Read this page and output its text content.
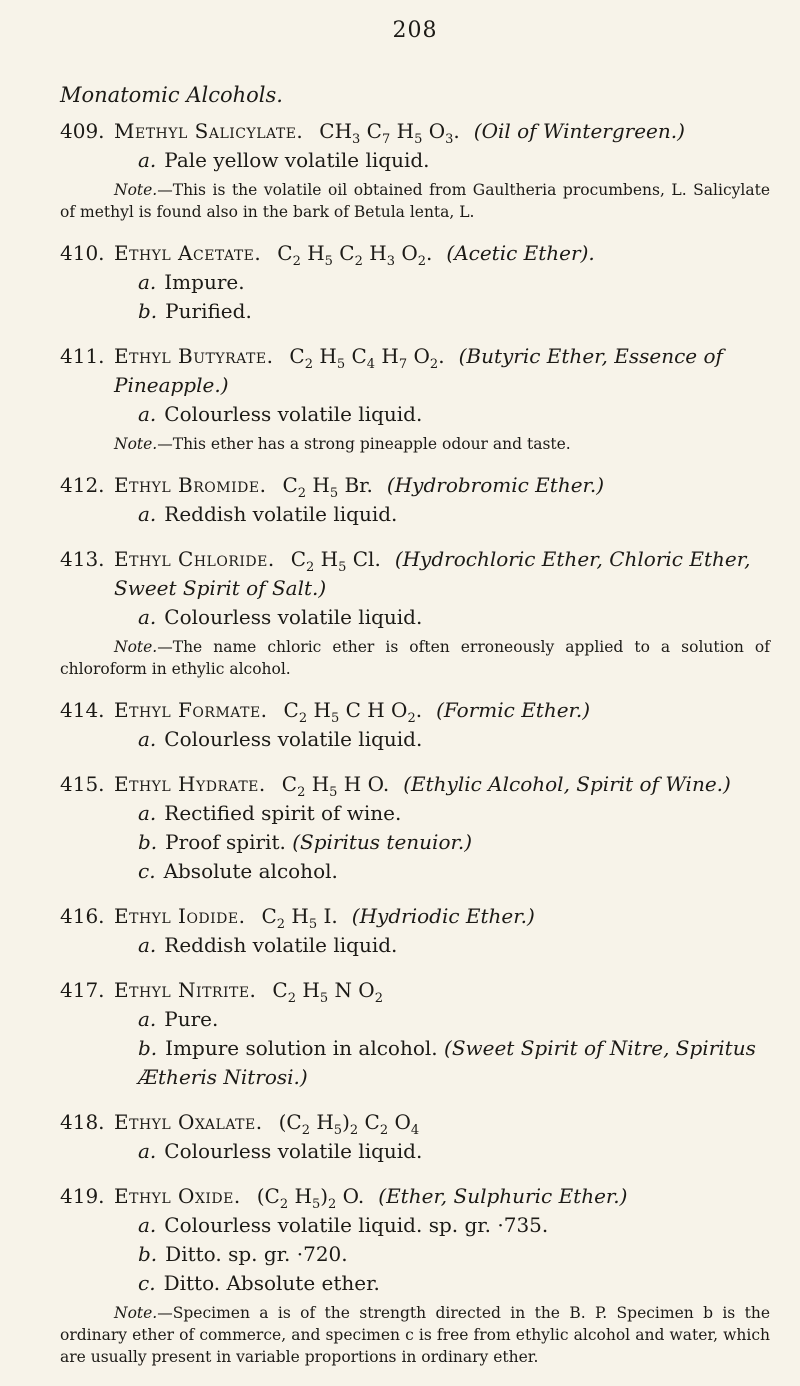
208
Monatomic Alcohols.
409. Methyl Salicylate. $CH_3$ $C_7$ $H_5$ $O_3$. (Oil of Wintergreen.)
a. Pale yellow volatile liquid.
Note.—This is the volatile oil obtained from Gaultheria procumbens, L. Salicylate of methyl is found also in the bark of Betula lenta, L.
410. Ethyl Acetate. $C_2$ $H_5$ $C_2$ $H_3$ $O_2$. (Acetic Ether).
a. Impure.
b. Purified.
411. Ethyl Butyrate. $C_2$ $H_5$ $C_4$ $H_7$ $O_2$. (Butyric Ether, Essence of Pineapple.)
a. Colourless volatile liquid.
Note.—This ether has a strong pineapple odour and taste.
412. Ethyl Bromide. $C_2$ $H_5$ Br. (Hydrobromic Ether.)
a. Reddish volatile liquid.
413. Ethyl Chloride. $C_2$ $H_5$ Cl. (Hydrochloric Ether, Chloric Ether, Sweet Spirit of Salt.)
a. Colourless volatile liquid.
Note.—The name chloric ether is often erroneously applied to a solution of chloroform in ethylic alcohol.
414. Ethyl Formate. $C_2$ $H_5$ C H $O_2$. (Formic Ether.)
a. Colourless volatile liquid.
415. Ethyl Hydrate. $C_2$ $H_5$ H O. (Ethylic Alcohol, Spirit of Wine.)
a. Rectified spirit of wine.
b. Proof spirit. (Spiritus tenuior.)
c. Absolute alcohol.
416. Ethyl Iodide. $C_2$ $H_5$ I. (Hydriodic Ether.)
a. Reddish volatile liquid.
417. Ethyl Nitrite. $C_2$ $H_5$ N $O_2$
a. Pure.
b. Impure solution in alcohol. (Sweet Spirit of Nitre, Spiritus Ætheris Nitrosi.)
418. Ethyl Oxalate. ($C_2$ $H_5)_2$ $C_2$ $O_4$
a. Colourless volatile liquid.
419. Ethyl Oxide. ($C_2$ $H_5)_2$ O. (Ether, Sulphuric Ether.)
a. Colourless volatile liquid. sp. gr. ·735.
b. Ditto. sp. gr. ·720.
c. Ditto. Absolute ether.
Note.—Specimen a is of the strength directed in the B. P. Specimen b is the ordinary ether of commerce, and specimen c is free from ethylic alcohol and water, which are usually present in variable proportions in ordinary ether.
